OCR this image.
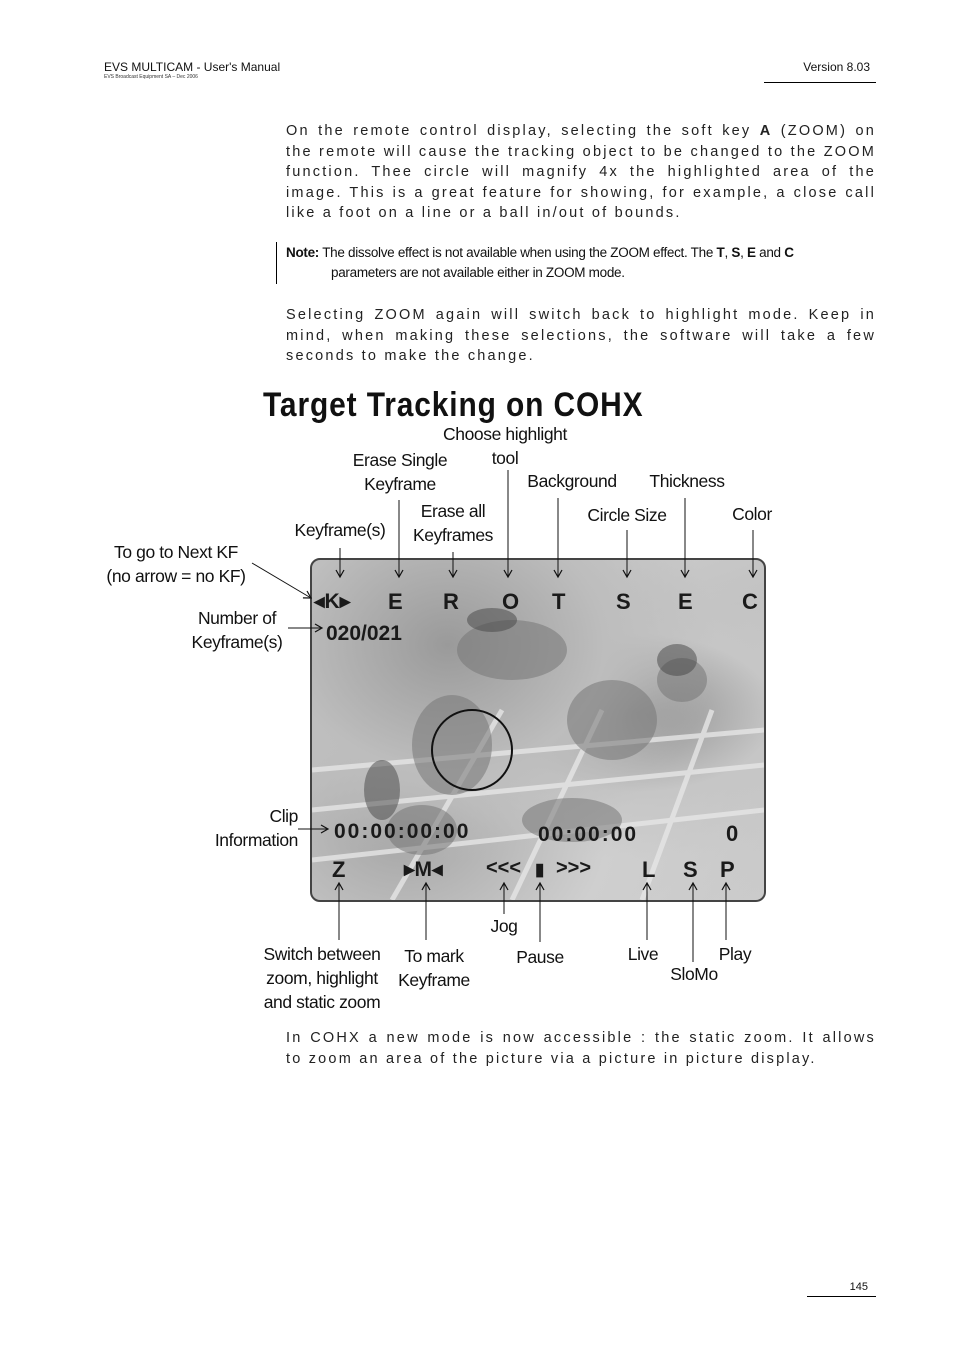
EVS MULTICAM - User's Manual
EVS Broadcast Equipment SA – Dec 2006
Version 8.03
On the remote control display, selecting the soft key A (ZOOM) on the remote will cause the tracking object to be changed to the ZOOM function. Thee circle will magnify 4x the highlighted area of the image. This is a great feature for showing, for example, a close call like a foot on a line or a ball in/out of bounds.
Note: The dissolve effect is not available when using the ZOOM effect. The T, S, E and C
parameters are not available either in ZOOM mode.
Selecting ZOOM again will switch back to highlight mode. Keep in mind, when making these selections, the software will take a few seconds to make the change.
Target Tracking on COHX
Choose highlight
tool
Erase Single
Keyframe	Background	Thickness
Erase all
Keyframes
Circle Size	Color
Keyframe(s)
To go to Next KF
(no arrow = no KF)
Number of
Keyframe(s)
Clip
Information
Jog
Switch between
zoom, highlight
and static zoom
To mark
Keyframe
Pause	Live	Play
SloMo
◂K▸ E R O T S E C
020/021
00:00:00:00	00:00:00	0
Z	▸M◂ <<< ▮ >>> L S P
In COHX a new mode is now accessible : the static zoom. It allows to zoom an area of the picture via a picture in picture display.
145
